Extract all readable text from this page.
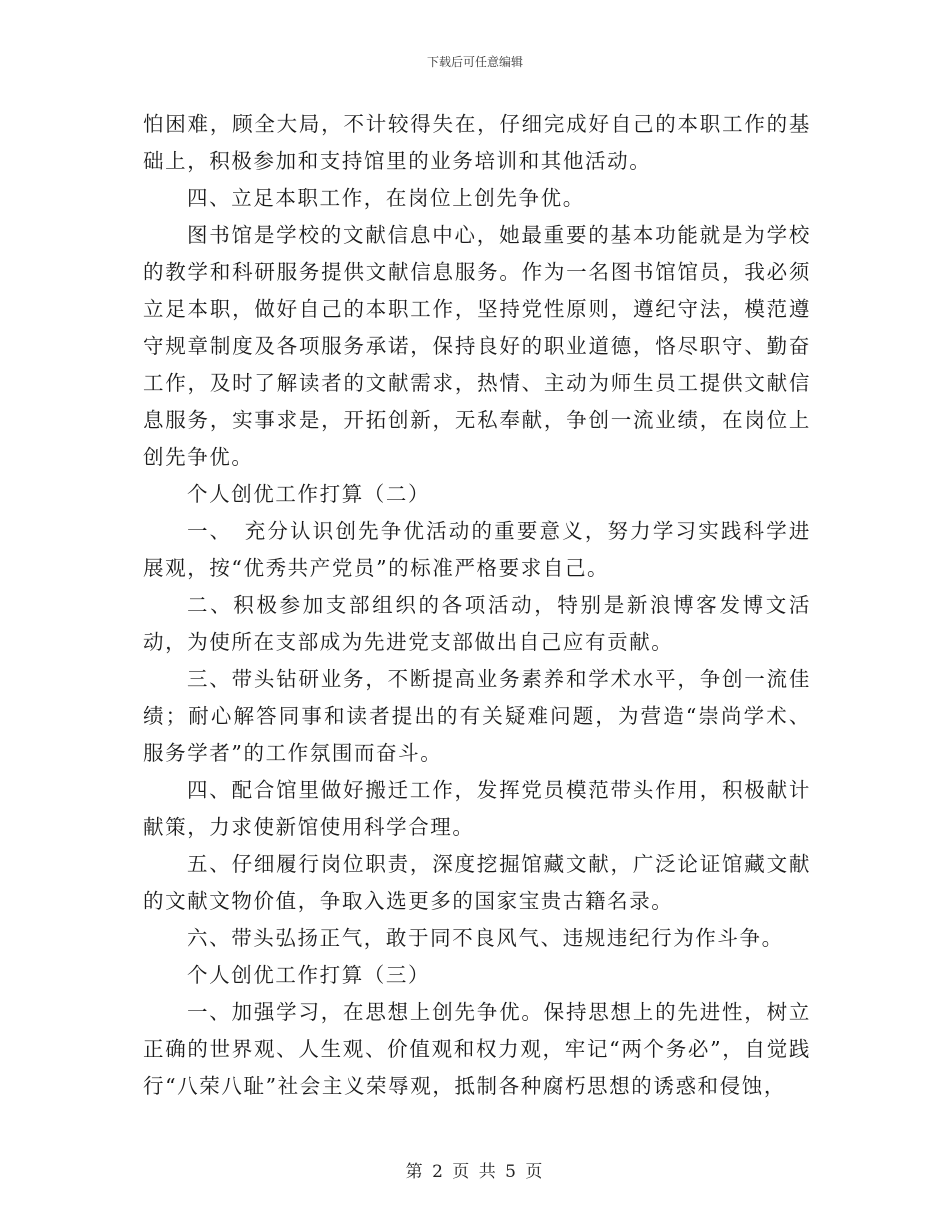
下载后可任意编辑

怕困难，顾全大局，不计较得失在，仔细完成好自己的本职工作的基础上，积极参加和支持馆里的业务培训和其他活动。

四、立足本职工作，在岗位上创先争优。

图书馆是学校的文献信息中心，她最重要的基本功能就是为学校的教学和科研服务提供文献信息服务。作为一名图书馆馆员，我必须立足本职，做好自己的本职工作，坚持党性原则，遵纪守法，模范遵守规章制度及各项服务承诺，保持良好的职业道德，恪尽职守、勤奋工作，及时了解读者的文献需求，热情、主动为师生员工提供文献信息服务，实事求是，开拓创新，无私奉献，争创一流业绩，在岗位上创先争优。

个人创优工作打算（二）

一、　充分认识创先争优活动的重要意义，努力学习实践科学进展观，按“优秀共产党员”的标准严格要求自己。

二、积极参加支部组织的各项活动，特别是新浪博客发博文活动，为使所在支部成为先进党支部做出自己应有贡献。

三、带头钻研业务，不断提高业务素养和学术水平，争创一流佳绩；耐心解答同事和读者提出的有关疑难问题，为营造“崇尚学术、服务学者”的工作氛围而奋斗。

四、配合馆里做好搬迁工作，发挥党员模范带头作用，积极献计献策，力求使新馆使用科学合理。

五、仔细履行岗位职责，深度挖掘馆藏文献，广泛论证馆藏文献的文献文物价值，争取入选更多的国家宝贵古籍名录。

六、带头弘扬正气，敢于同不良风气、违规违纪行为作斗争。

个人创优工作打算（三）

一、加强学习，在思想上创先争优。保持思想上的先进性，树立正确的世界观、人生观、价值观和权力观，牢记“两个务必”，自觉践行“八荣八耻”社会主义荣辱观，抵制各种腐朽思想的诱惑和侵蚀，

第 2 页 共 5 页
